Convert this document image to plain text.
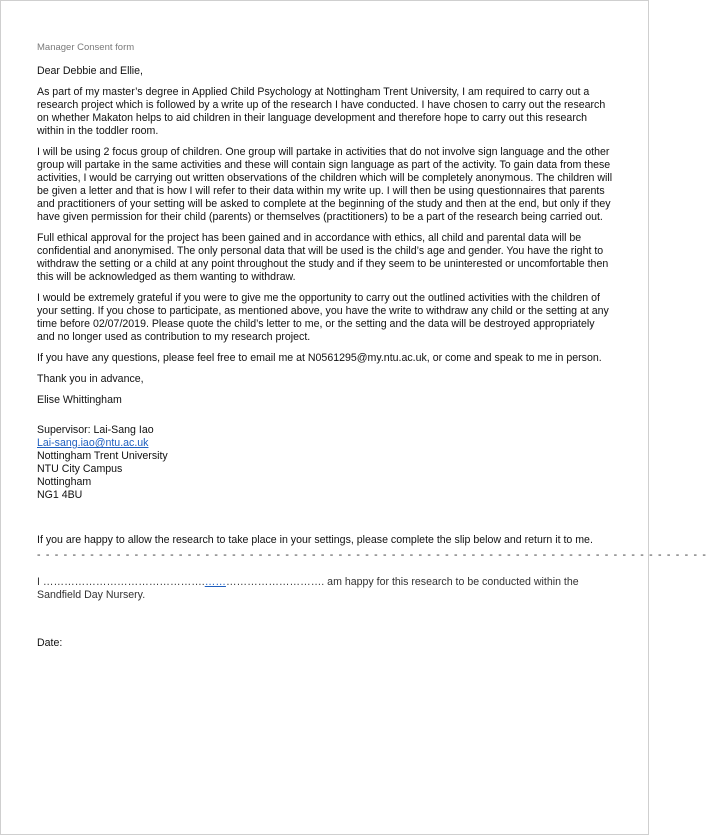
Manager Consent form

Dear Debbie and Ellie,

As part of my master’s degree in Applied Child Psychology at Nottingham Trent University, I am required to carry out a research project which is followed by a write up of the research I have conducted. I have chosen to carry out the research on whether Makaton helps to aid children in their language development and therefore hope to carry out this research within in the toddler room.

I will be using 2 focus group of children. One group will partake in activities that do not involve sign language and the other group will partake in the same activities and these will contain sign language as part of the activity. To gain data from these activities, I would be carrying out written observations of the children which will be completely anonymous. The children will be given a letter and that is how I will refer to their data within my write up. I will then be using questionnaires that parents and practitioners of your setting will be asked to complete at the beginning of the study and then at the end, but only if they have given permission for their child (parents) or themselves (practitioners) to be a part of the research being carried out.

Full ethical approval for the project has been gained and in accordance with ethics, all child and parental data will be confidential and anonymised. The only personal data that will be used is the child’s age and gender. You have the right to withdraw the setting or a child at any point throughout the study and if they seem to be uninterested or uncomfortable then this will be acknowledged as them wanting to withdraw.

I would be extremely grateful if you were to give me the opportunity to carry out the outlined activities with the children of your setting. If you chose to participate, as mentioned above, you have the write to withdraw any child or the setting at any time before 02/07/2019. Please quote the child’s letter to me, or the setting and the data will be destroyed appropriately and no longer used as contribution to my research project.

If you have any questions, please feel free to email me at N0561295@my.ntu.ac.uk, or come and speak to me in person.

Thank you in advance,

Elise Whittingham

Supervisor: Lai-Sang Iao
Lai-sang.iao@ntu.ac.uk
Nottingham Trent University
NTU City Campus
Nottingham
NG1 4BU

If you are happy to allow the research to take place in your settings, please complete the slip below and return it to me.

- - - - - - - - - - - - - - - - - - - - - - - - - - - - - - - - - - - - - - - - - - - - - - - - - - - - - - - - - - - - - - - - - - - - - - - - - - - -

I ……………………………………….……………………………. am happy for this research to be conducted within the Sandfield Day Nursery.

Date:
